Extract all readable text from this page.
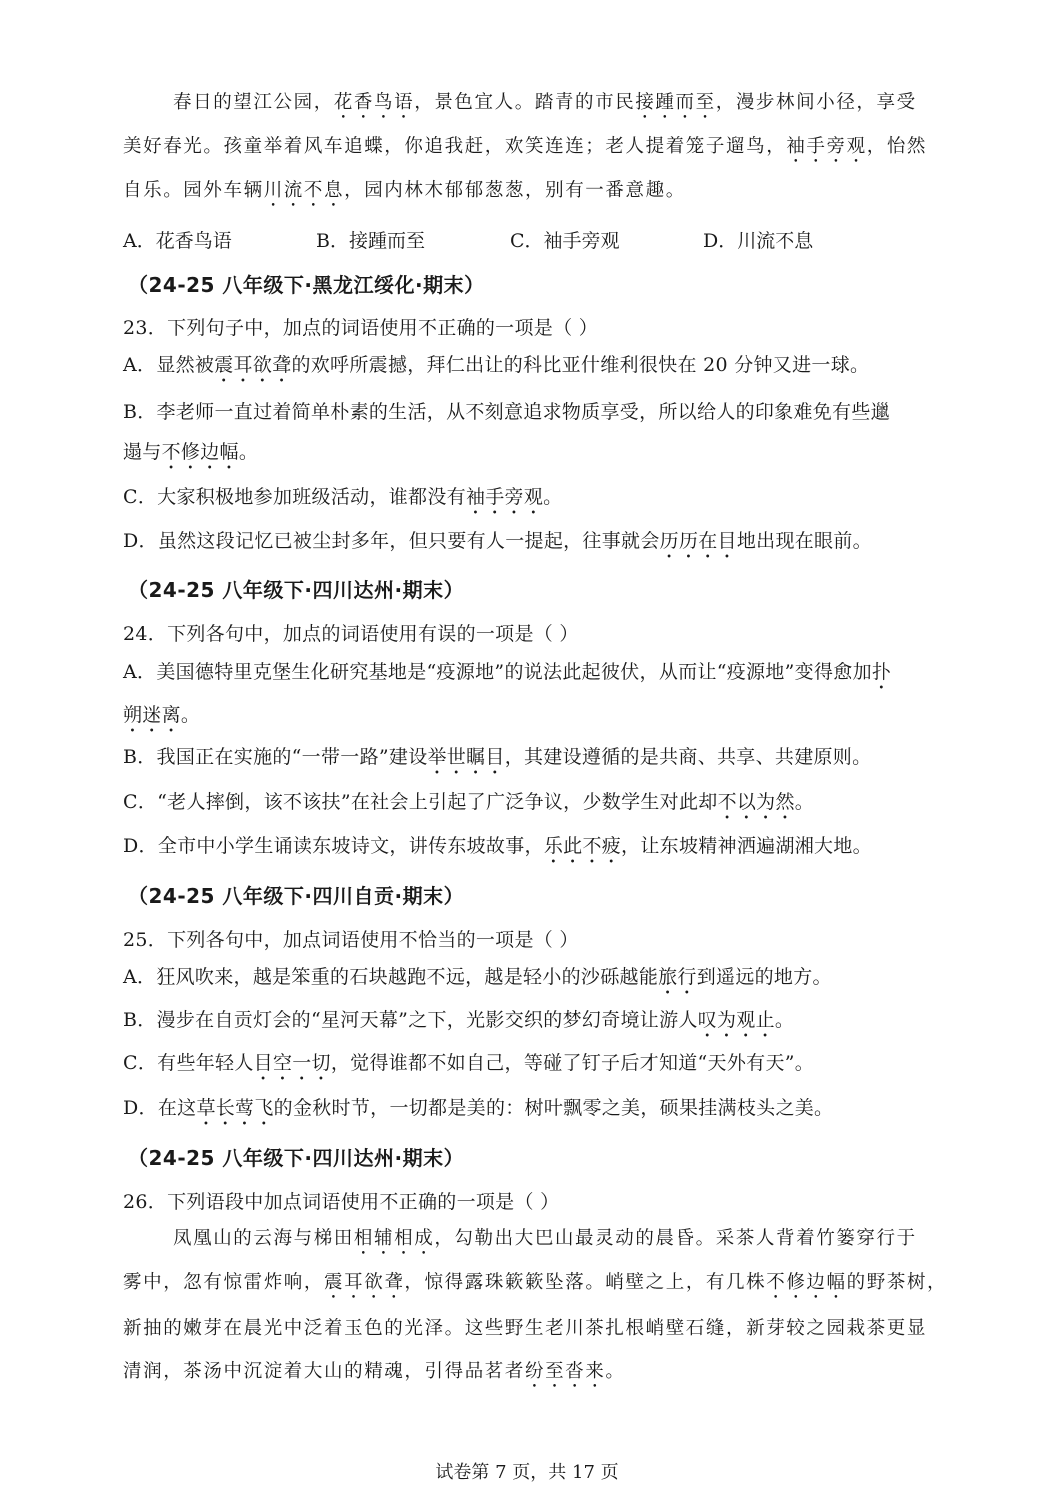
春日的望江公园，花香鸟语，景色宜人。踏青的市民接踵而至，漫步林间小径，享受
美好春光。孩童举着风车追蝶，你追我赶，欢笑连连；老人提着笼子遛鸟，袖手旁观，怡然
自乐。园外车辆川流不息，园内林木郁郁葱葱，别有一番意趣。
A．花香鸟语	B．接踵而至	C．袖手旁观	D．川流不息
（24-25 八年级下·黑龙江绥化·期末）
23．下列句子中，加点的词语使用不正确的一项是（ ）
A．显然被震耳欲聋的欢呼所震撼，拜仁出让的科比亚什维利很快在 20 分钟又进一球。
B．李老师一直过着简单朴素的生活，从不刻意追求物质享受，所以给人的印象难免有些邋
遢与不修边幅。
C．大家积极地参加班级活动，谁都没有袖手旁观。
D．虽然这段记忆已被尘封多年，但只要有人一提起，往事就会历历在目地出现在眼前。
（24-25 八年级下·四川达州·期末）
24．下列各句中，加点的词语使用有误的一项是（ ）
A．美国德特里克堡生化研究基地是“疫源地”的说法此起彼伏，从而让“疫源地”变得愈加扑
朔迷离。
B．我国正在实施的“一带一路”建设举世瞩目，其建设遵循的是共商、共享、共建原则。
C．“老人摔倒，该不该扶”在社会上引起了广泛争议，少数学生对此却不以为然。
D．全市中小学生诵读东坡诗文，讲传东坡故事，乐此不疲，让东坡精神洒遍湖湘大地。
（24-25 八年级下·四川自贡·期末）
25．下列各句中，加点词语使用不恰当的一项是（ ）
A．狂风吹来，越是笨重的石块越跑不远，越是轻小的沙砾越能旅行到遥远的地方。
B．漫步在自贡灯会的“星河天幕”之下，光影交织的梦幻奇境让游人叹为观止。
C．有些年轻人目空一切，觉得谁都不如自己，等碰了钉子后才知道“天外有天”。
D．在这草长莺飞的金秋时节，一切都是美的：树叶飘零之美，硕果挂满枝头之美。
（24-25 八年级下·四川达州·期末）
26．下列语段中加点词语使用不正确的一项是（ ）
凤凰山的云海与梯田相辅相成，勾勒出大巴山最灵动的晨昏。采茶人背着竹篓穿行于
雾中，忽有惊雷炸响，震耳欲聋，惊得露珠簌簌坠落。峭壁之上，有几株不修边幅的野茶树，
新抽的嫩芽在晨光中泛着玉色的光泽。这些野生老川茶扎根峭壁石缝，新芽较之园栽茶更显
清润，茶汤中沉淀着大山的精魂，引得品茗者纷至沓来。
试卷第 7 页，共 17 页
